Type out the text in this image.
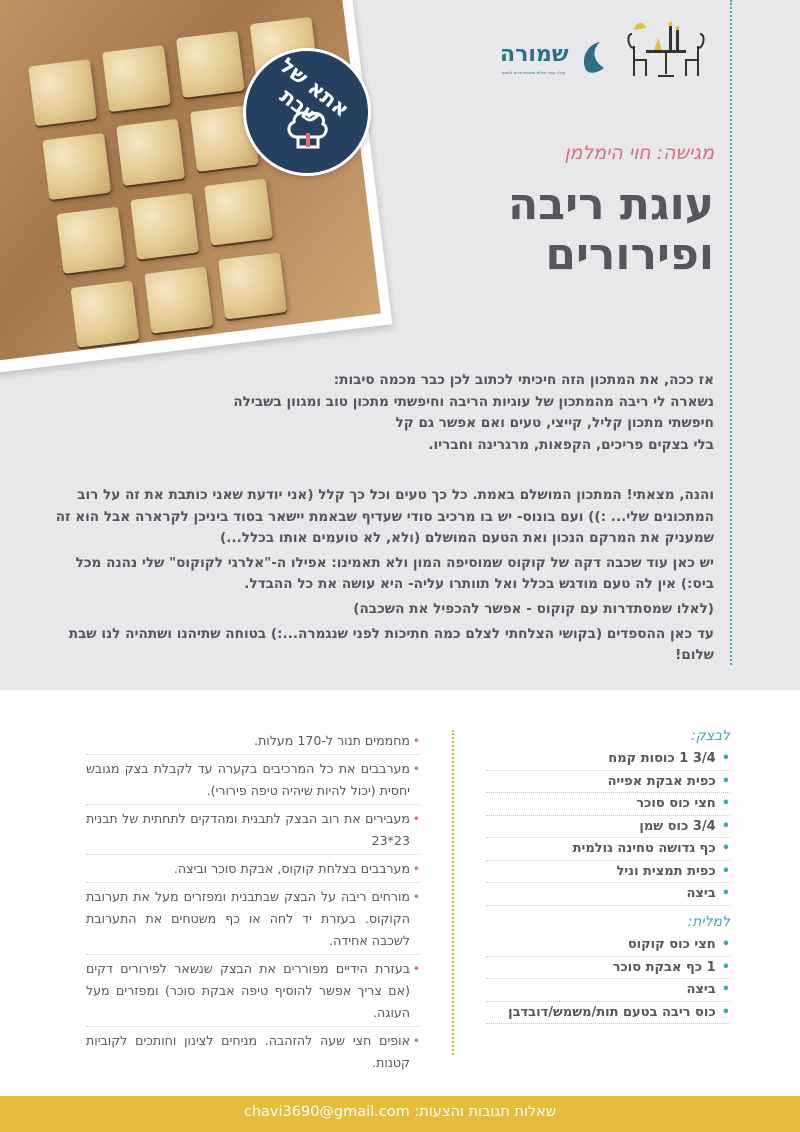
אתא של שבת
שמורה
עולה עבור חולים ומשפחותיהם לנשום
מגישה: חוי הימלמן
עוגת ריבה
ופירורים

אז ככה, את המתכון הזה חיכיתי לכתוב לכן כבר מכמה סיבות:

נשארה לי ריבה מהמתכון של עוגיות הריבה וחיפשתי מתכון טוב ומגוון בשבילה

חיפשתי מתכון קליל, קייצי, טעים ואם אפשר גם קל

בלי בצקים פריכים, הקפאות, מרגרינה וחבריו.

והנה, מצאתי! המתכון המושלם באמת. כל כך טעים וכל כך קלל (אני יודעת שאני כותבת את זה על רוב המתכונים שלי... :)) ועם בונוס- יש בו מרכיב סודי שעדיף שבאמת יישאר בסוד ביניכן לקרארה אבל הוא זה שמעניק את המרקם הנכון ואת הטעם המושלם (ולא, לא טועמים אותו בכלל...)

יש כאן עוד שכבה דקה של קוקוס שמוסיפה המון ולא תאמינו: אפילו ה-"אלרגי לקוקוס" שלי נהנה מכל ביס:) אין לה טעם מודגש בכלל ואל תוותרו עליה- היא עושה את כל ההבדל.

(לאלו שמסתדרות עם קוקוס - אפשר להכפיל את השכבה)

עד כאן ההספדים (בקושי הצלחתי לצלם כמה חתיכות לפני שנגמרה...:) בטוחה שתיהנו ושתהיה לנו שבת שלום!

לבצק:
•3/4 1 כוסות קמח
•כפית אבקת אפייה
•חצי כוס סוכר
•3/4 כוס שמן
•כף גדושה טחינה גולמית
•כפית תמצית וניל
•ביצה
למלית:
•חצי כוס קוקוס
•1 כף אבקת סוכר
•ביצה
•כוס ריבה בטעם תות/משמש/דובדבן
•
מחממים תנור ל-170 מעלות.
•
מערבבים את כל המרכיבים בקערה עד לקבלת בצק מגובש יחסית (יכול להיות שיהיה טיפה פירורי).
•
מעבירים את רוב הבצק לתבנית ומהדקים לתחתית של תבנית 23*23
•
מערבבים בצלחת קוקוס, אבקת סוכר וביצה.
•
מורחים ריבה על הבצק שבתבנית ומפזרים מעל את תערובת הקוקוס. בעזרת יד לחה או כף משטחים את התערובת לשכבה אחידה.
•
בעזרת הידיים מפוררים את הבצק שנשאר לפירורים דקים (אם צריך אפשר להוסיף טיפה אבקת סוכר) ומפזרים מעל העוגה.
•
אופים חצי שעה להזהבה. מניחים לצינון וחותכים לקוביות קטנות.
שאלות תגובות והצעות: chavi3690@gmail.com
